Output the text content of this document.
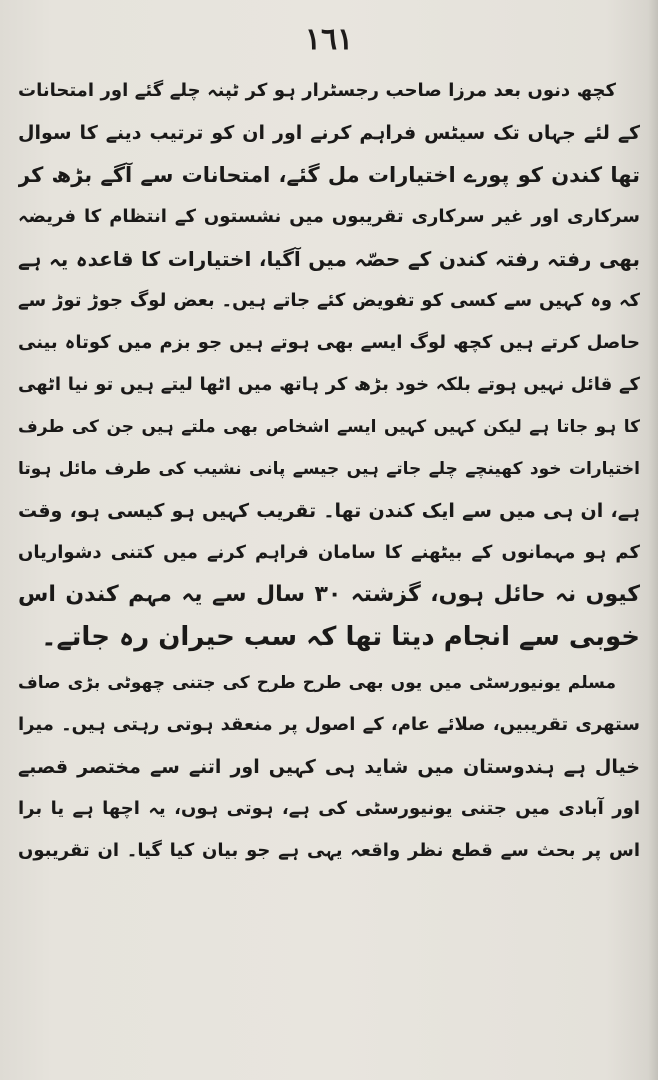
١٦١
کچھ دنوں بعد مرزا صاحب رجسٹرار ہو کر ٹپنہ چلے گئے اور امتحانات
کے لئے جہاں تک سیٹس فراہم کرنے اور ان کو ترتیب دینے کا سوال
تھا کندن کو پورے اختیارات مل گئے، امتحانات سے آگے بڑھ کر
سرکاری اور غیر سرکاری تقریبوں میں نشستوں کے انتظام کا فریضہ
بھی رفتہ رفتہ کندن کے حصّہ میں آگیا، اختیارات کا قاعدہ یہ ہے
کہ وہ کہیں سے کسی کو تفویض کئے جاتے ہیں۔ بعض لوگ جوڑ توڑ سے
حاصل کرتے ہیں کچھ لوگ ایسے بھی ہوتے ہیں جو بزم میں کوتاہ بینی
کے قائل نہیں ہوتے بلکہ خود بڑھ کر ہاتھ میں اٹھا لیتے ہیں تو نیا اٹھی
کا ہو جاتا ہے لیکن کہیں کہیں ایسے اشخاص بھی ملتے ہیں جن کی طرف
اختیارات خود کھینچے چلے جاتے ہیں جیسے پانی نشیب کی طرف مائل ہوتا
ہے، ان ہی میں سے ایک کندن تھا۔ تقریب کہیں ہو کیسی ہو، وقت
کم ہو مہمانوں کے بیٹھنے کا سامان فراہم کرنے میں کتنی دشواریاں
کیوں نہ حائل ہوں، گزشتہ ۳۰ سال سے یہ مہم کندن اس
خوبی سے انجام دیتا تھا کہ سب حیران رہ جاتے۔
مسلم یونیورسٹی میں یوں بھی طرح طرح کی جتنی چھوٹی بڑی صاف
ستھری تقریبیں، صلائے عام، کے اصول پر منعقد ہوتی رہتی ہیں۔ میرا
خیال ہے ہندوستان میں شاید ہی کہیں اور اتنے سے مختصر قصبے
اور آبادی میں جتنی یونیورسٹی کی ہے، ہوتی ہوں، یہ اچھا ہے یا برا
اس پر بحث سے قطع نظر واقعہ یہی ہے جو بیان کیا گیا۔ ان تقریبوں
